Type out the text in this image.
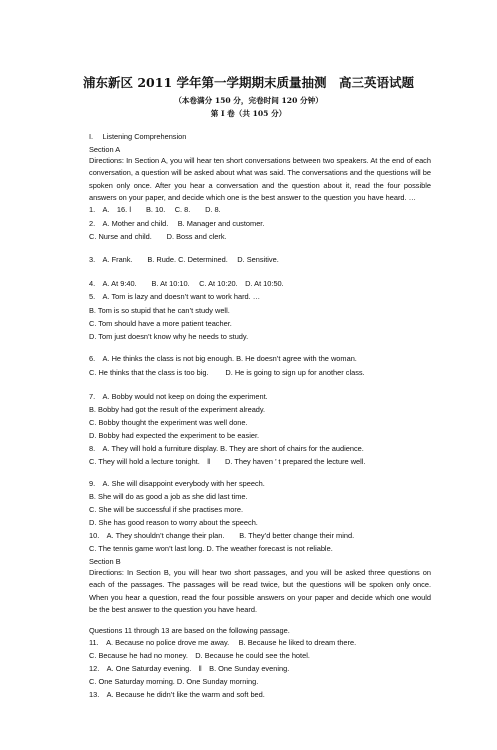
浦东新区 2011 学年第一学期期末质量抽测　高三英语试题
（本卷满分 150 分，完卷时间 120 分钟）
第 Ⅰ 卷（共 105 分）
I.　 Listening Comprehension
Section A
Directions: In Section A, you will hear ten short conversations between two speakers. At the end of each conversation, a question will be asked about what was said. The conversations and the questions will be spoken only once. After you hear a conversation and the question about it, read the four possible answers on your paper, and decide which one is the best answer to the question you have heard. …
1.　A.　16. ǀ　　B. 10.　 C. 8.　　D. 8.
2.　A. Mother and child.　 B. Manager and customer.
C. Nurse and child.　　D. Boss and clerk.
3.　A. Frank.　　B. Rude. C. Determined.　 D. Sensitive.
4.　A. At 9:40.　　B. At 10:10.　 C. At 10:20.　D. At 10:50.
5.　A. Tom is lazy and doesn’t want to work hard. …
B. Tom is so stupid that he can’t study well.
C. Tom should have a more patient teacher.
D. Tom just doesn’t know why he needs to study.
6.　A. He thinks the class is not big enough. B. He doesn’t agree with the woman.
C. He thinks that the class is too big.　　 D. He is going to sign up for another class.
7.　A. Bobby would not keep on doing the experiment.
B. Bobby had got the result of the experiment already.
C. Bobby thought the experiment was well done.
D. Bobby had expected the experiment to be easier.
8.　A. They will hold a furniture display. B. They are short of chairs for the audience.
C. They will hold a lecture tonight.　ǁ　　D. They haven ’ t prepared the lecture well.
9.　A. She will disappoint everybody with her speech.
B. She will do as good a job as she did last time.
C. She will be successful if she practises more.
D. She has good reason to worry about the speech.
10.　A. They shouldn’t change their plan.　　B. They’d better change their mind.
C. The tennis game won’t last long. D. The weather forecast is not reliable.
Section B
Directions: In Section B, you will hear two short passages, and you will be asked three questions on each of the passages. The passages will be read twice, but the questions will be spoken only once. When you hear a question, read the four possible answers on your paper and decide which one would be the best answer to the question you have heard.
Questions 11 through 13 are based on the following passage.
11.　A. Because no police drove me away.　 B. Because he liked to dream there.
C. Because he had no money.　D. Because he could see the hotel.
12.　A. One Saturday evening.　ǁ　B. One Sunday evening.
C. One Saturday morning. D. One Sunday morning.
13.　A. Because he didn’t like the warm and soft bed.
